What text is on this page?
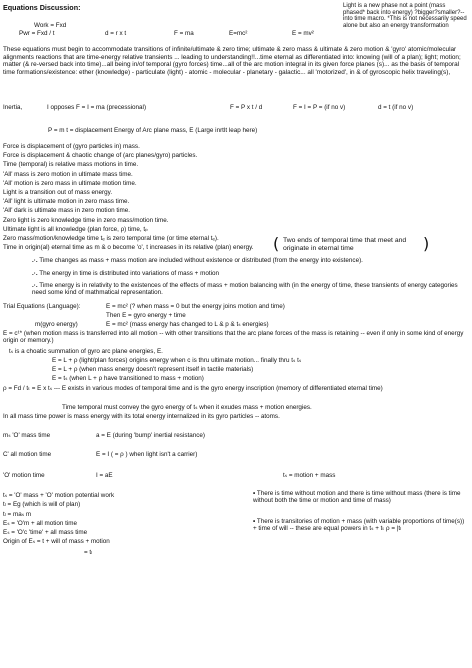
Equations Discussion:	Light is a new phase not a point (mass phased* back into energy) ?bigger?smaller?--into time macro. *This is not necessarily speed alone but also an energy transformation
Work = Fxd
Pwr = Fxd / t	d = r x t	F = ma	E=mc²	E = mv²
These equations must begin to accommodate transitions of infinite/ultimate & zero time; ultimate & zero mass & ultimate & zero motion & 'gyro' atomic/molecular alignments reactions that are time-energy relative transients ... leading to understanding!!...time eternal as differentiated into: knowing (will of a plan); light; motion; matter (& re-versed back into time)...all being in/of temporal (gyro forces) time...all of the arc motion integral in its given force planes (s)... as the basis of temporal time formations/existence: ether (knowledge) - particulate (light) - atomic - molecular - planetary - galactic... all 'motorized', in & of gyroscopic helix traveling(s),
Inertia,	I opposes F = I = ma (precessional)	F = P x t / d	F = I = P = (if no v)	d = t (if no v)
P = m t = displacement Energy of Arc plane mass, E (Large inrtlt leap here)
Force is displacement of (gyro particles in) mass.
Force is displacement & chaotic change of (arc planes/gyro) particles.
Time (temporal) is relative mass motions in time.
'All' mass is zero motion in ultimate mass time.
'All' motion is zero mass in ultimate motion time.
Light is a transition out of mass energy.
'All' light is ultimate motion in zero mass time.
'All' dark is ultimate mass in zero motion time.
Zero light is zero knowledge time in zero mass/motion time.
Ultimate light is all knowledge (plan force, ρ) time, tₚ
Zero mass/motion/knowledge time tₑ is zero temporal time (or time eternal tₑ).
Time in origin(al) eternal time as m & o become 'o', t increases in its relative (plan) energy. ( Two ends of temporal time that meet and originate in eternal time	)
.·. Time changes as mass + mass motion are included without existence or distributed (from the energy into existence).
.·. The energy in time is distributed into variations of mass + motion
.·. Time energy is in relativity to the existences of the effects of mass + motion balancing with (in the energy of time, these transients of energy categories need some kind of mathmatical representation.
Trial Equations (Language):	E = mc² (? when mass = 0 but the energy joins motion and time)
Then E = gyro energy + time
m(gyro energy)	E = mc² (mass energy has changed to L & p & tₛ energies)
E = c¹* (when motion mass is transferred into all motion -- with other transitions that the arc plane forces of the mass is retaining -- even if only in some kind of energy origin or memory.)
tₛ is a choatic summation of gyro arc plane energies, E.
E = L + ρ (light/plan forces) origins energy when c is thru ultimate motion... finally thru tₛ tₛ
E = L + ρ (when mass energy doesn't represent itself in tactile materials)
E = tₛ (when L + ρ have transitioned to mass + motion)
ρ = Fd / tₜ = E x tₛ --- E exists in various modes of temporal time and is the gyro energy inscription (memory of differentiated eternal time)
Time temporal must convey the gyro energy of tₛ when it exudes mass + motion energies.
In all mass time power is mass energy with its total energy internalized in its gyro particles -- atoms.
mₛ 'O' mass time	a = E (during 'bump' inertial resistance)
C' all motion time	E = I ( = ρ ) when light isn't a carrier)
'O' motion time	I = aE	tₛ = motion + mass
tₛ = 'O' mass + 'O' motion potential work
tₗ = Eg (which is will of plan)
tₗ = maₛ m
Eₛ = 'O'm + all motion time
Eₛ = 'O'c 'time' + all mass time
Origin of Eₛ = t + will of mass + motion
= tₗ
• There is time without motion and there is time without mass (there is time without both the time or motion and time of mass)
• There is transitories of motion + mass (with variable proportions of time(s)) + time of will -- these are equal powers in tₛ + tₜ ρ = |tₗ
